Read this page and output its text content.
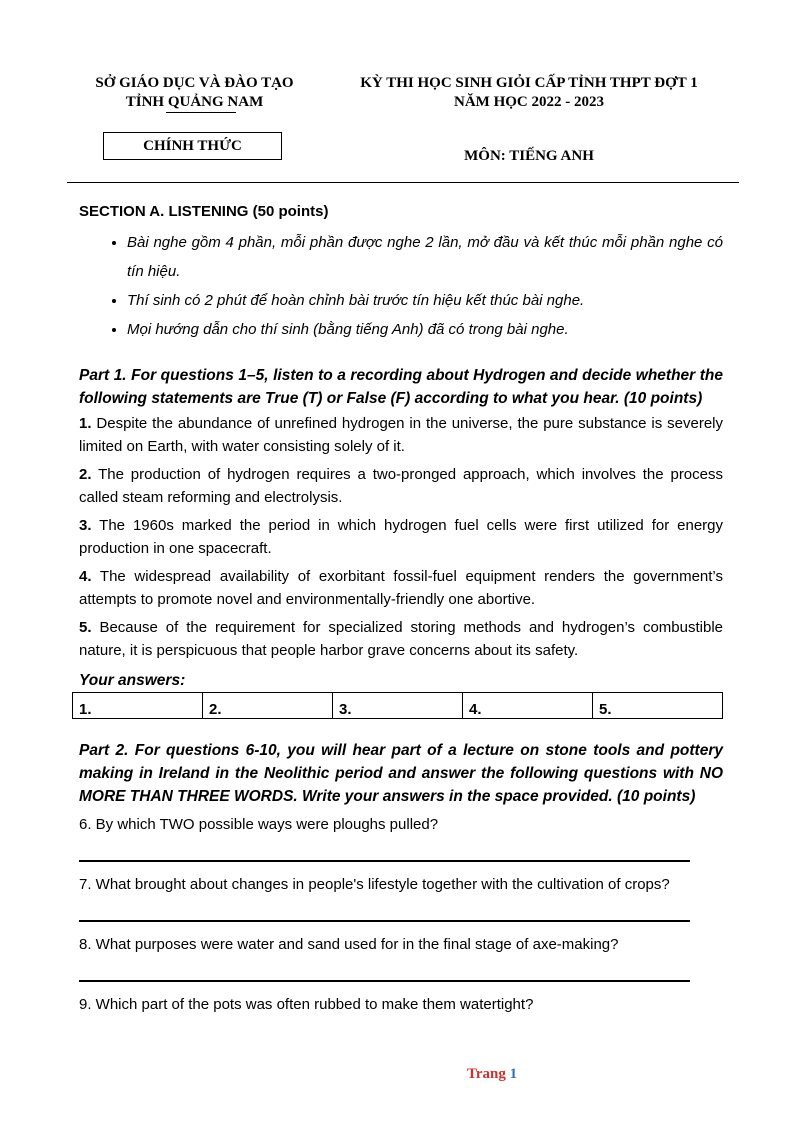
SỞ GIÁO DỤC VÀ ĐÀO TẠO
TỈNH QUẢNG NAM
KỲ THI HỌC SINH GIỎI CẤP TỈNH THPT ĐỢT 1
NĂM HỌC 2022 - 2023
CHÍNH THỨC
MÔN: TIẾNG ANH
SECTION A. LISTENING (50 points)
• Bài nghe gồm 4 phần, mỗi phần được nghe 2 lần, mở đầu và kết thúc mỗi phần nghe có tín hiệu.
• Thí sinh có 2 phút để hoàn chỉnh bài trước tín hiệu kết thúc bài nghe.
• Mọi hướng dẫn cho thí sinh (bằng tiếng Anh) đã có trong bài nghe.
Part 1. For questions 1–5, listen to a recording about Hydrogen and decide whether the following statements are True (T) or False (F) according to what you hear. (10 points)

1. Despite the abundance of unrefined hydrogen in the universe, the pure substance is severely limited on Earth, with water consisting solely of it.

2. The production of hydrogen requires a two-pronged approach, which involves the process called steam reforming and electrolysis.

3. The 1960s marked the period in which hydrogen fuel cells were first utilized for energy production in one spacecraft.

4. The widespread availability of exorbitant fossil-fuel equipment renders the government’s attempts to promote novel and environmentally-friendly one abortive.

5. Because of the requirement for specialized storing methods and hydrogen’s combustible nature, it is perspicuous that people harbor grave concerns about its safety.

Your answers:
1.	2.	3.	4.	5.
Part 2. For questions 6-10, you will hear part of a lecture on stone tools and pottery making in Ireland in the Neolithic period and answer the following questions with NO MORE THAN THREE WORDS. Write your answers in the space provided. (10 points)

6. By which TWO possible ways were ploughs pulled?

7. What brought about changes in people's lifestyle together with the cultivation of crops?

8. What purposes were water and sand used for in the final stage of axe-making?

9. Which part of the pots was often rubbed to make them watertight?

Trang 1
